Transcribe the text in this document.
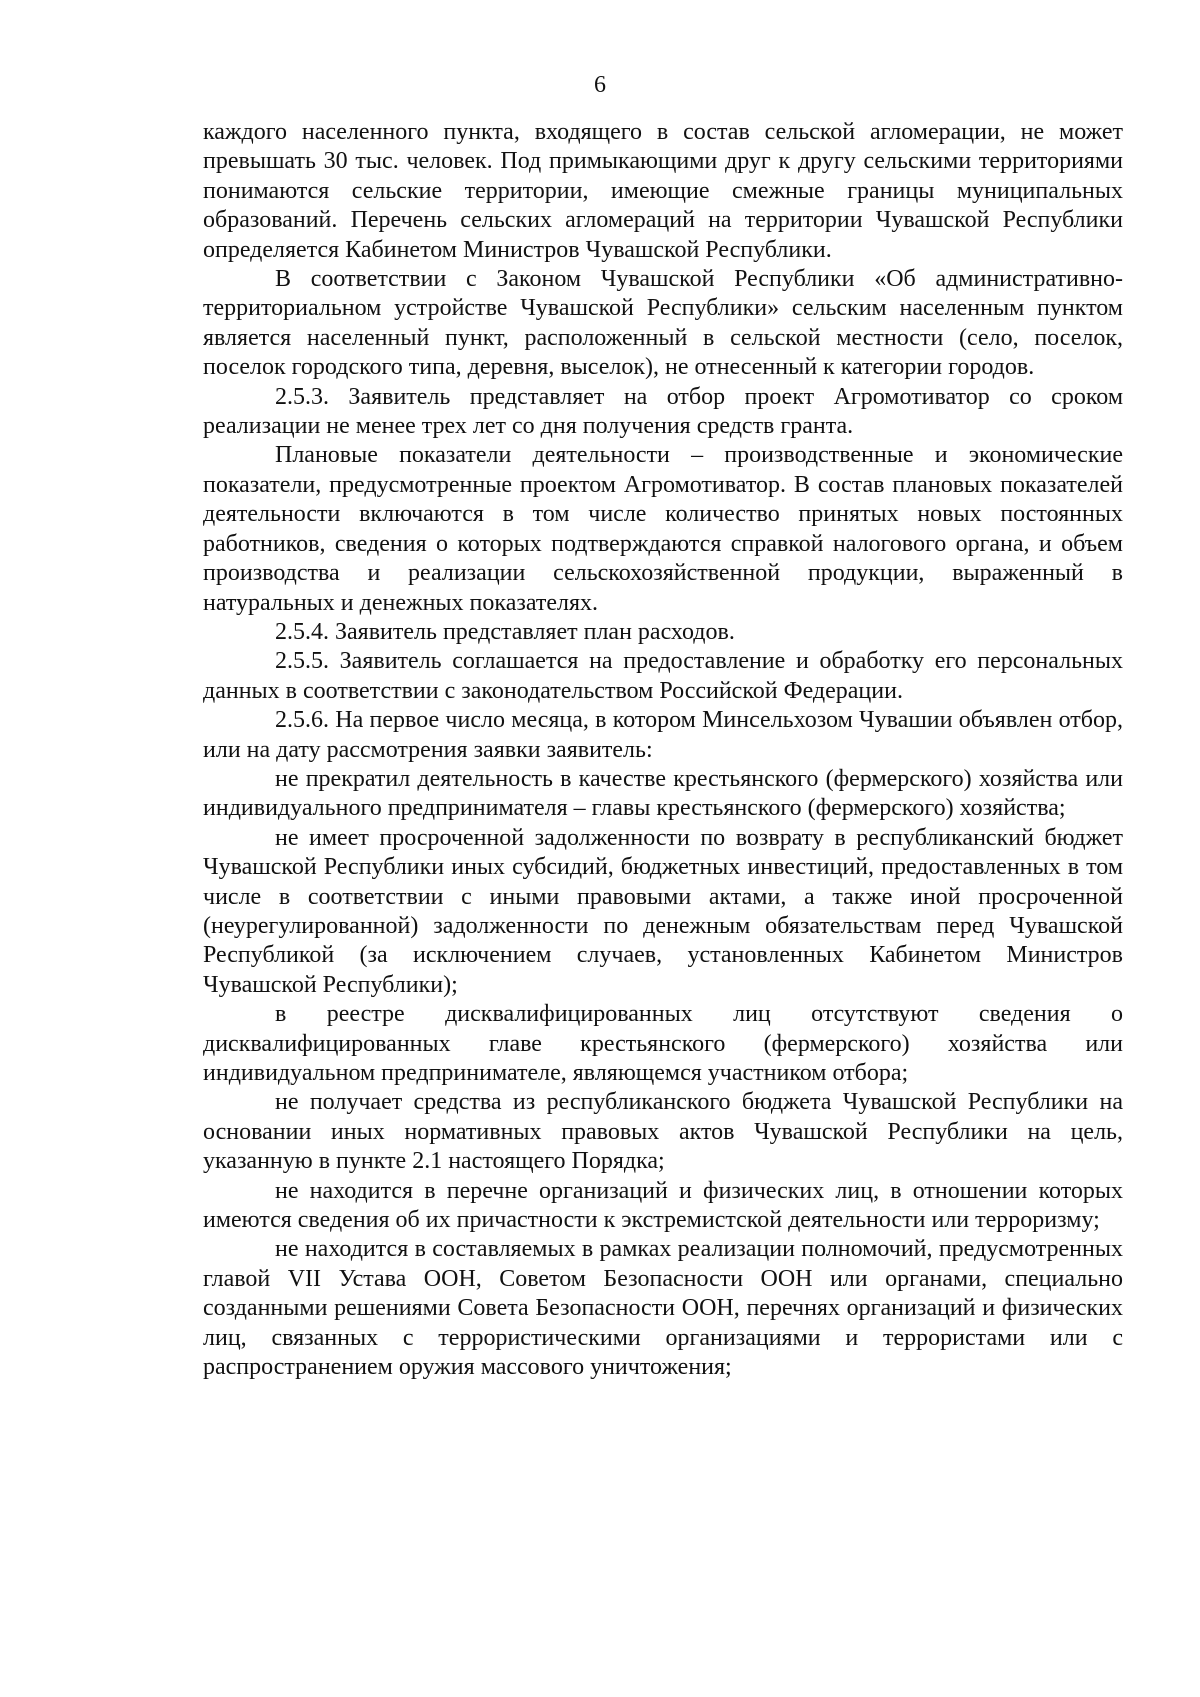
6

каждого населенного пункта, входящего в состав сельской агломерации, не может превышать 30 тыс. человек. Под примыкающими друг к другу сельскими территориями понимаются сельские территории, имеющие смежные границы муниципальных образований. Перечень сельских агломераций на территории Чувашской Республики определяется Кабинетом Министров Чувашской Республики.

В соответствии с Законом Чувашской Республики «Об административно-территориальном устройстве Чувашской Республики» сельским населенным пунктом является населенный пункт, расположенный в сельской местности (село, поселок, поселок городского типа, деревня, выселок), не отнесенный к категории городов.

2.5.3. Заявитель представляет на отбор проект Агромотиватор со сроком реализации не менее трех лет со дня получения средств гранта.

Плановые показатели деятельности – производственные и экономические показатели, предусмотренные проектом Агромотиватор. В состав плановых показателей деятельности включаются в том числе количество принятых новых постоянных работников, сведения о которых подтверждаются справкой налогового органа, и объем производства и реализации сельскохозяйственной продукции, выраженный в натуральных и денежных показателях.

2.5.4. Заявитель представляет план расходов.

2.5.5. Заявитель соглашается на предоставление и обработку его персональных данных в соответствии с законодательством Российской Федерации.

2.5.6. На первое число месяца, в котором Минсельхозом Чувашии объявлен отбор, или на дату рассмотрения заявки заявитель:

не прекратил деятельность в качестве крестьянского (фермерского) хозяйства или индивидуального предпринимателя – главы крестьянского (фермерского) хозяйства;

не имеет просроченной задолженности по возврату в республиканский бюджет Чувашской Республики иных субсидий, бюджетных инвестиций, предоставленных в том числе в соответствии с иными правовыми актами, а также иной просроченной (неурегулированной) задолженности по денежным обязательствам перед Чувашской Республикой (за исключением случаев, установленных Кабинетом Министров Чувашской Республики);

в реестре дисквалифицированных лиц отсутствуют сведения о дисквалифицированных главе крестьянского (фермерского) хозяйства или индивидуальном предпринимателе, являющемся участником отбора;

не получает средства из республиканского бюджета Чувашской Республики на основании иных нормативных правовых актов Чувашской Республики на цель, указанную в пункте 2.1 настоящего Порядка;

не находится в перечне организаций и физических лиц, в отношении которых имеются сведения об их причастности к экстремистской деятельности или терроризму;

не находится в составляемых в рамках реализации полномочий, предусмотренных главой VII Устава ООН, Советом Безопасности ООН или органами, специально созданными решениями Совета Безопасности ООН, перечнях организаций и физических лиц, связанных с террористическими организациями и террористами или с распространением оружия массового уничтожения;
